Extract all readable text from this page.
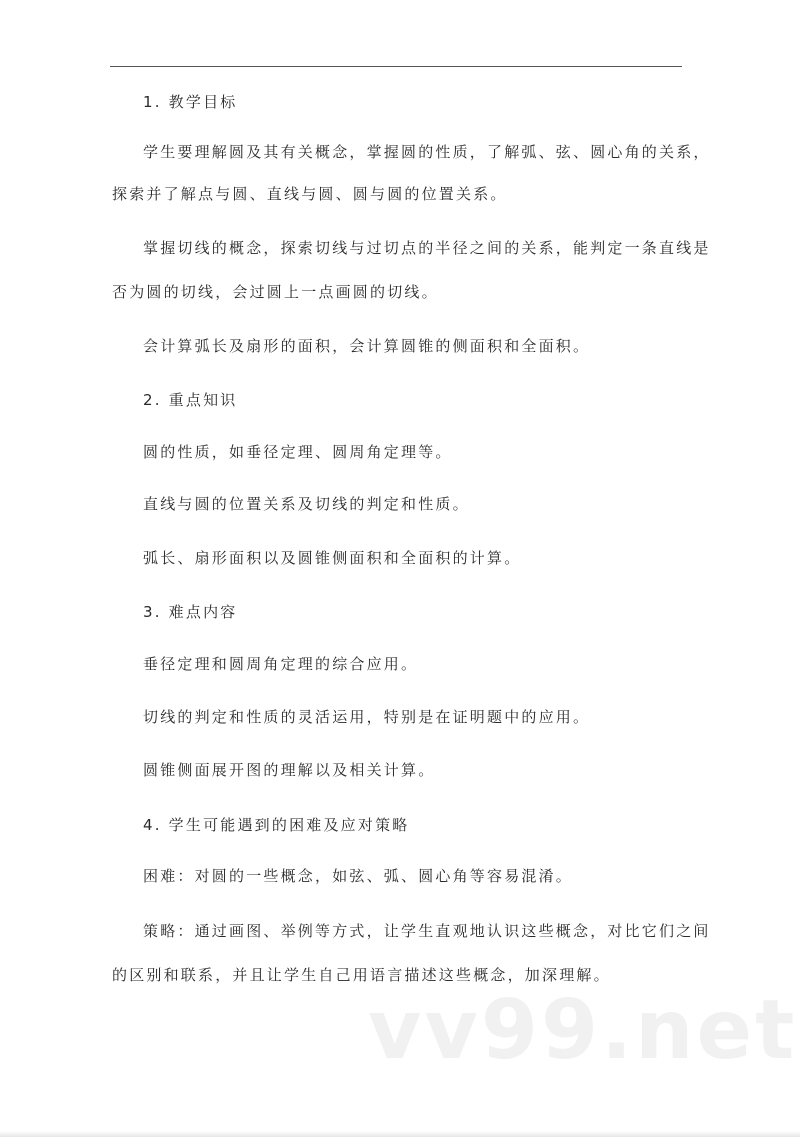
1. 教学目标
学生要理解圆及其有关概念，掌握圆的性质，了解弧、弦、圆心角的关系，
探索并了解点与圆、直线与圆、圆与圆的位置关系。
掌握切线的概念，探索切线与过切点的半径之间的关系，能判定一条直线是
否为圆的切线，会过圆上一点画圆的切线。
会计算弧长及扇形的面积，会计算圆锥的侧面积和全面积。
2. 重点知识
圆的性质，如垂径定理、圆周角定理等。
直线与圆的位置关系及切线的判定和性质。
弧长、扇形面积以及圆锥侧面积和全面积的计算。
3. 难点内容
垂径定理和圆周角定理的综合应用。
切线的判定和性质的灵活运用，特别是在证明题中的应用。
圆锥侧面展开图的理解以及相关计算。
4. 学生可能遇到的困难及应对策略
困难：对圆的一些概念，如弦、弧、圆心角等容易混淆。
策略：通过画图、举例等方式，让学生直观地认识这些概念，对比它们之间
的区别和联系，并且让学生自己用语言描述这些概念，加深理解。
vv99.net
